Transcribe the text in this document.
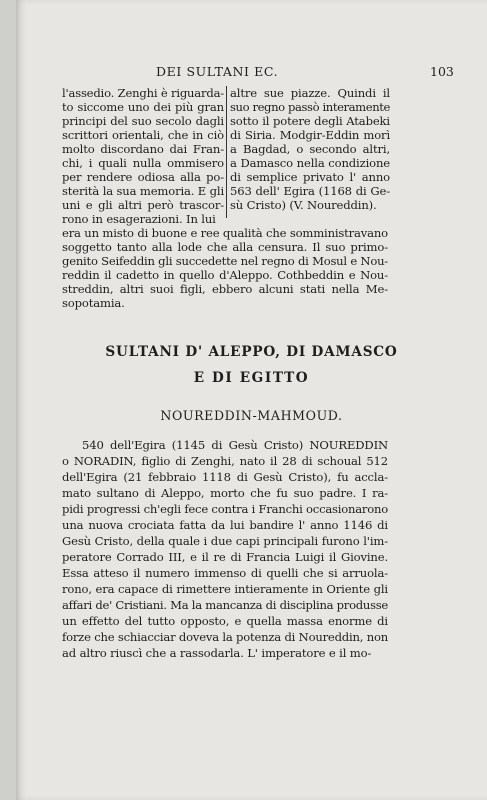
DEI SULTANI EC.	103
l'assedio. Zenghi è riguarda-
to siccome uno dei più gran
principi del suo secolo dagli
scrittori orientali, che in ciò
molto discordano dai Fran-
chi, i quali nulla ommisero
per rendere odiosa alla po-
sterità la sua memoria. E gli
uni e gli altri però trascor-
rono in esagerazioni. In lui
altre sue piazze. Quindi il
suo regno passò interamente
sotto il potere degli Atabeki
di Siria. Modgir-Eddin morì
a Bagdad, o secondo altri,
a Damasco nella condizione
di semplice privato l' anno
563 dell' Egira (1168 di Ge-
sù Cristo) (V. Noureddin).
era un misto di buone e ree qualità che somministravano
soggetto tanto alla lode che alla censura. Il suo primo-
genito Seifeddin gli succedette nel regno di Mosul e Nou-
reddin il cadetto in quello d'Aleppo. Cothbeddin e Nou-
streddin, altri suoi figli, ebbero alcuni stati nella Me-
sopotamia.
SULTANI D' ALEPPO, DI DAMASCO
E DI EGITTO
NOUREDDIN-MAHMOUD.
540 dell'Egira (1145 di Gesù Cristo) NOUREDDIN
o NORADIN, figlio di Zenghi, nato il 28 di schoual 512
dell'Egira (21 febbraio 1118 di Gesù Cristo), fu accla-
mato sultano di Aleppo, morto che fu suo padre. I ra-
pidi progressi ch'egli fece contra i Franchi occasionarono
una nuova crociata fatta da lui bandire l' anno 1146 di
Gesù Cristo, della quale i due capi principali furono l'im-
peratore Corrado III, e il re di Francia Luigi il Giovine.
Essa atteso il numero immenso di quelli che si arruola-
rono, era capace di rimettere intieramente in Oriente gli
affari de' Cristiani. Ma la mancanza di disciplina produsse
un effetto del tutto opposto, e quella massa enorme di
forze che schiacciar doveva la potenza di Noureddin, non
ad altro riuscì che a rassodarla. L' imperatore e il mo-
